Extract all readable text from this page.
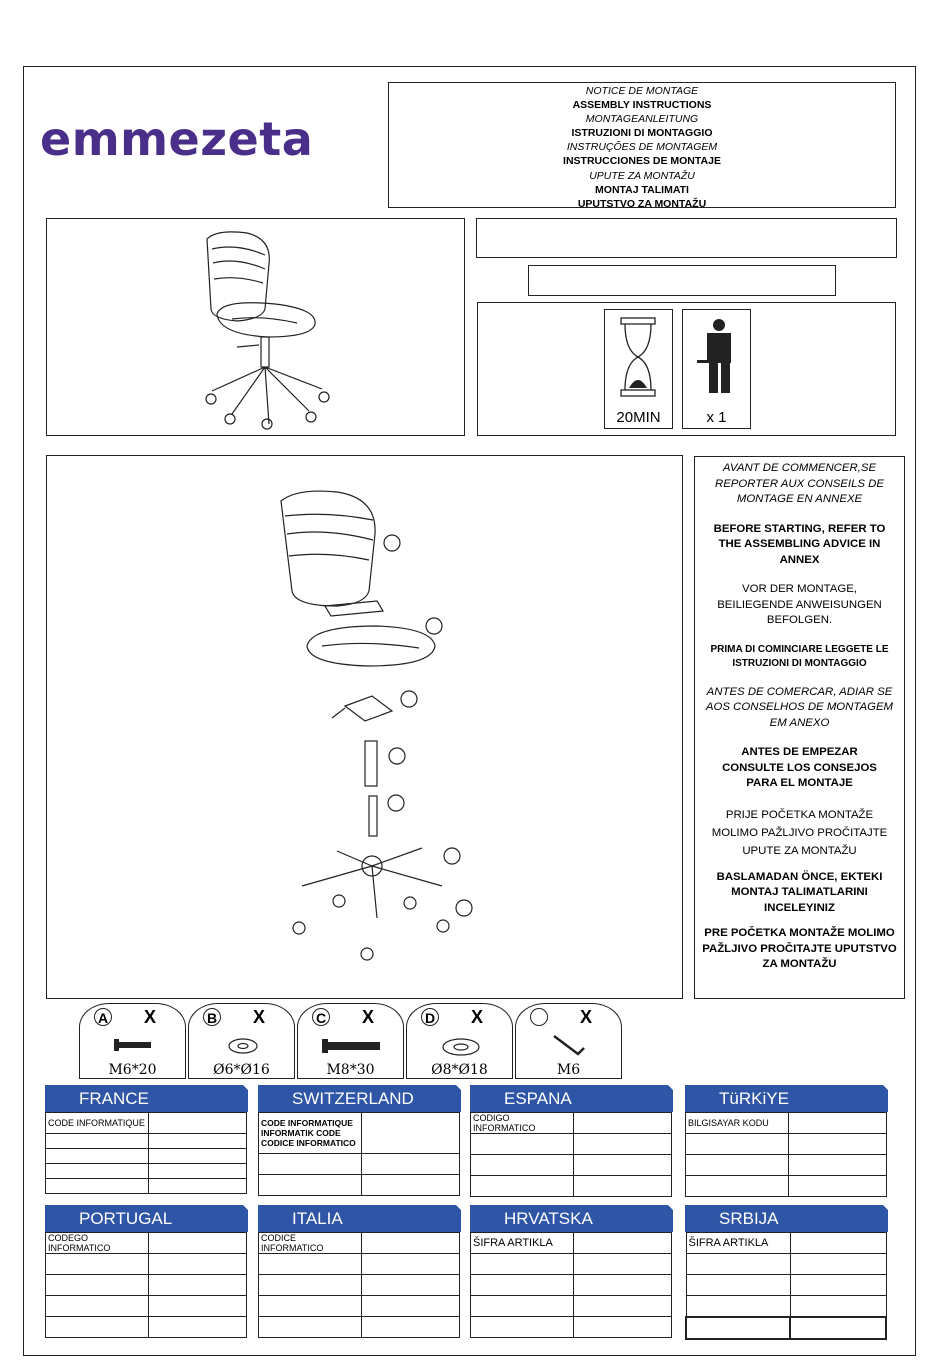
emmezeta
NOTICE DE MONTAGE
ASSEMBLY INSTRUCTIONS
MONTAGEANLEITUNG
ISTRUZIONI DI MONTAGGIO
INSTRUÇÕES DE MONTAGEM
INSTRUCCIONES DE MONTAJE
UPUTE ZA MONTAŽU
MONTAJ TALIMATI
UPUTSTVO ZA MONTAŽU
20MIN	x 1

AVANT DE COMMENCER,SE REPORTER AUX CONSEILS DE MONTAGE EN ANNEXE

BEFORE STARTING, REFER TO THE ASSEMBLING ADVICE IN ANNEX

VOR DER MONTAGE, BEILIEGENDE ANWEISUNGEN BEFOLGEN.

PRIMA DI COMINCIARE LEGGETE LE ISTRUZIONI DI MONTAGGIO

ANTES DE COMERCAR, ADIAR SE AOS CONSELHOS DE MONTAGEM EM ANEXO

ANTES DE EMPEZAR CONSULTE LOS CONSEJOS PARA EL MONTAJE

PRIJE POČETKA MONTAŽE MOLIMO PAŽLJIVO PROČITAJTE UPUTE ZA MONTAŽU

BASLAMADAN ÖNCE, EKTEKI MONTAJ TALIMATLARINI INCELEYINIZ

PRE POČETKA MONTAŽE MOLIMO PAŽLJIVO PROČITAJTE UPUTSTVO ZA MONTAŽU

A X
M6*20
B X
Ø6*Ø16
C X
M8*30
D X
Ø8*Ø18
X
M6
FRANCE
CODE INFORMATIQUE	

SWITZERLAND
CODE INFORMATIQUE INFORMATIK CODE CODICE INFORMATICO	

ESPANA
CODIGO INFORMATICO	

TüRKiYE
BILGISAYAR KODU	

PORTUGAL
CODEGO INFORMATICO	

ITALIA
CODICE INFORMATICO	

HRVATSKA
ŠIFRA ARTIKLA	

SRBIJA
ŠIFRA ARTIKLA	
